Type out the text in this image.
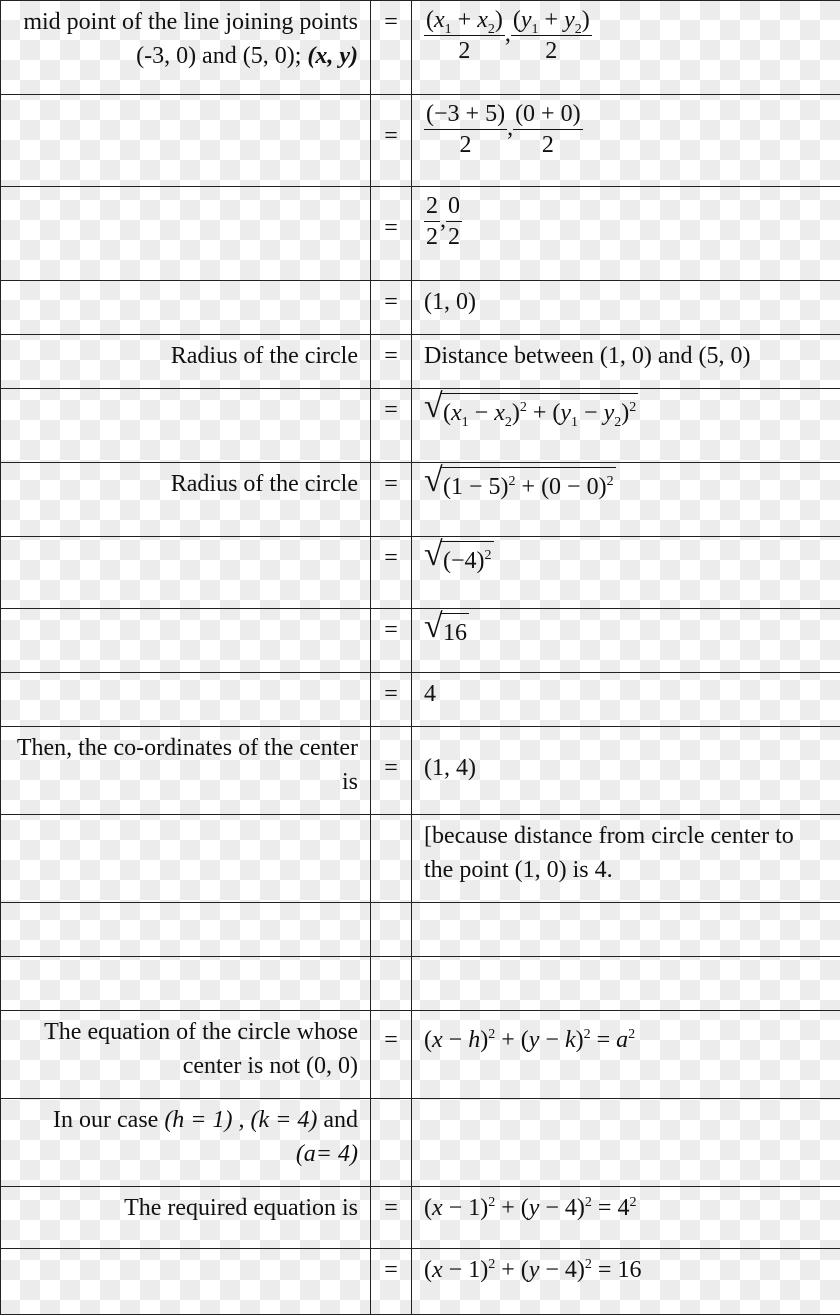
mid point of the line joining points (-3, 0) and (5, 0); (x, y)	=	$\frac{(x_1 + x_2)}{2}$ , $\frac{(y_1 + y_2)}{2}$

	=	$\frac{(-3 + 5)}{2}$ , $\frac{(0 + 0)}{2}$

	=	$\frac{2}{2}$ , $\frac{0}{2}$

	=	(1, 0)
Radius of the circle	=	Distance between (1, 0) and (5, 0)
	=	√ $(x_1 - x_2)^2 + (y_1 - y_2)^2$
Radius of the circle	=	√ $(1 - 5)^2 + (0 - 0)^2$
	=	√ $(-4)^2$
	=	√ 16
	=	4
Then, the co-ordinates of the center is	=	(1, 4)
		[because distance from circle center to the point (1, 0) is 4.

The equation of the circle whose center is not (0, 0)	=	$(x - h)^2 + (y - k)^2 = a^2$
In our case (h = 1) , (k = 4) and (a= 4)		
The required equation is	=	$(x - 1)^2 + (y - 4)^2 = 4^2$
	=	$(x - 1)^2 + (y - 4)^2 = 16$
